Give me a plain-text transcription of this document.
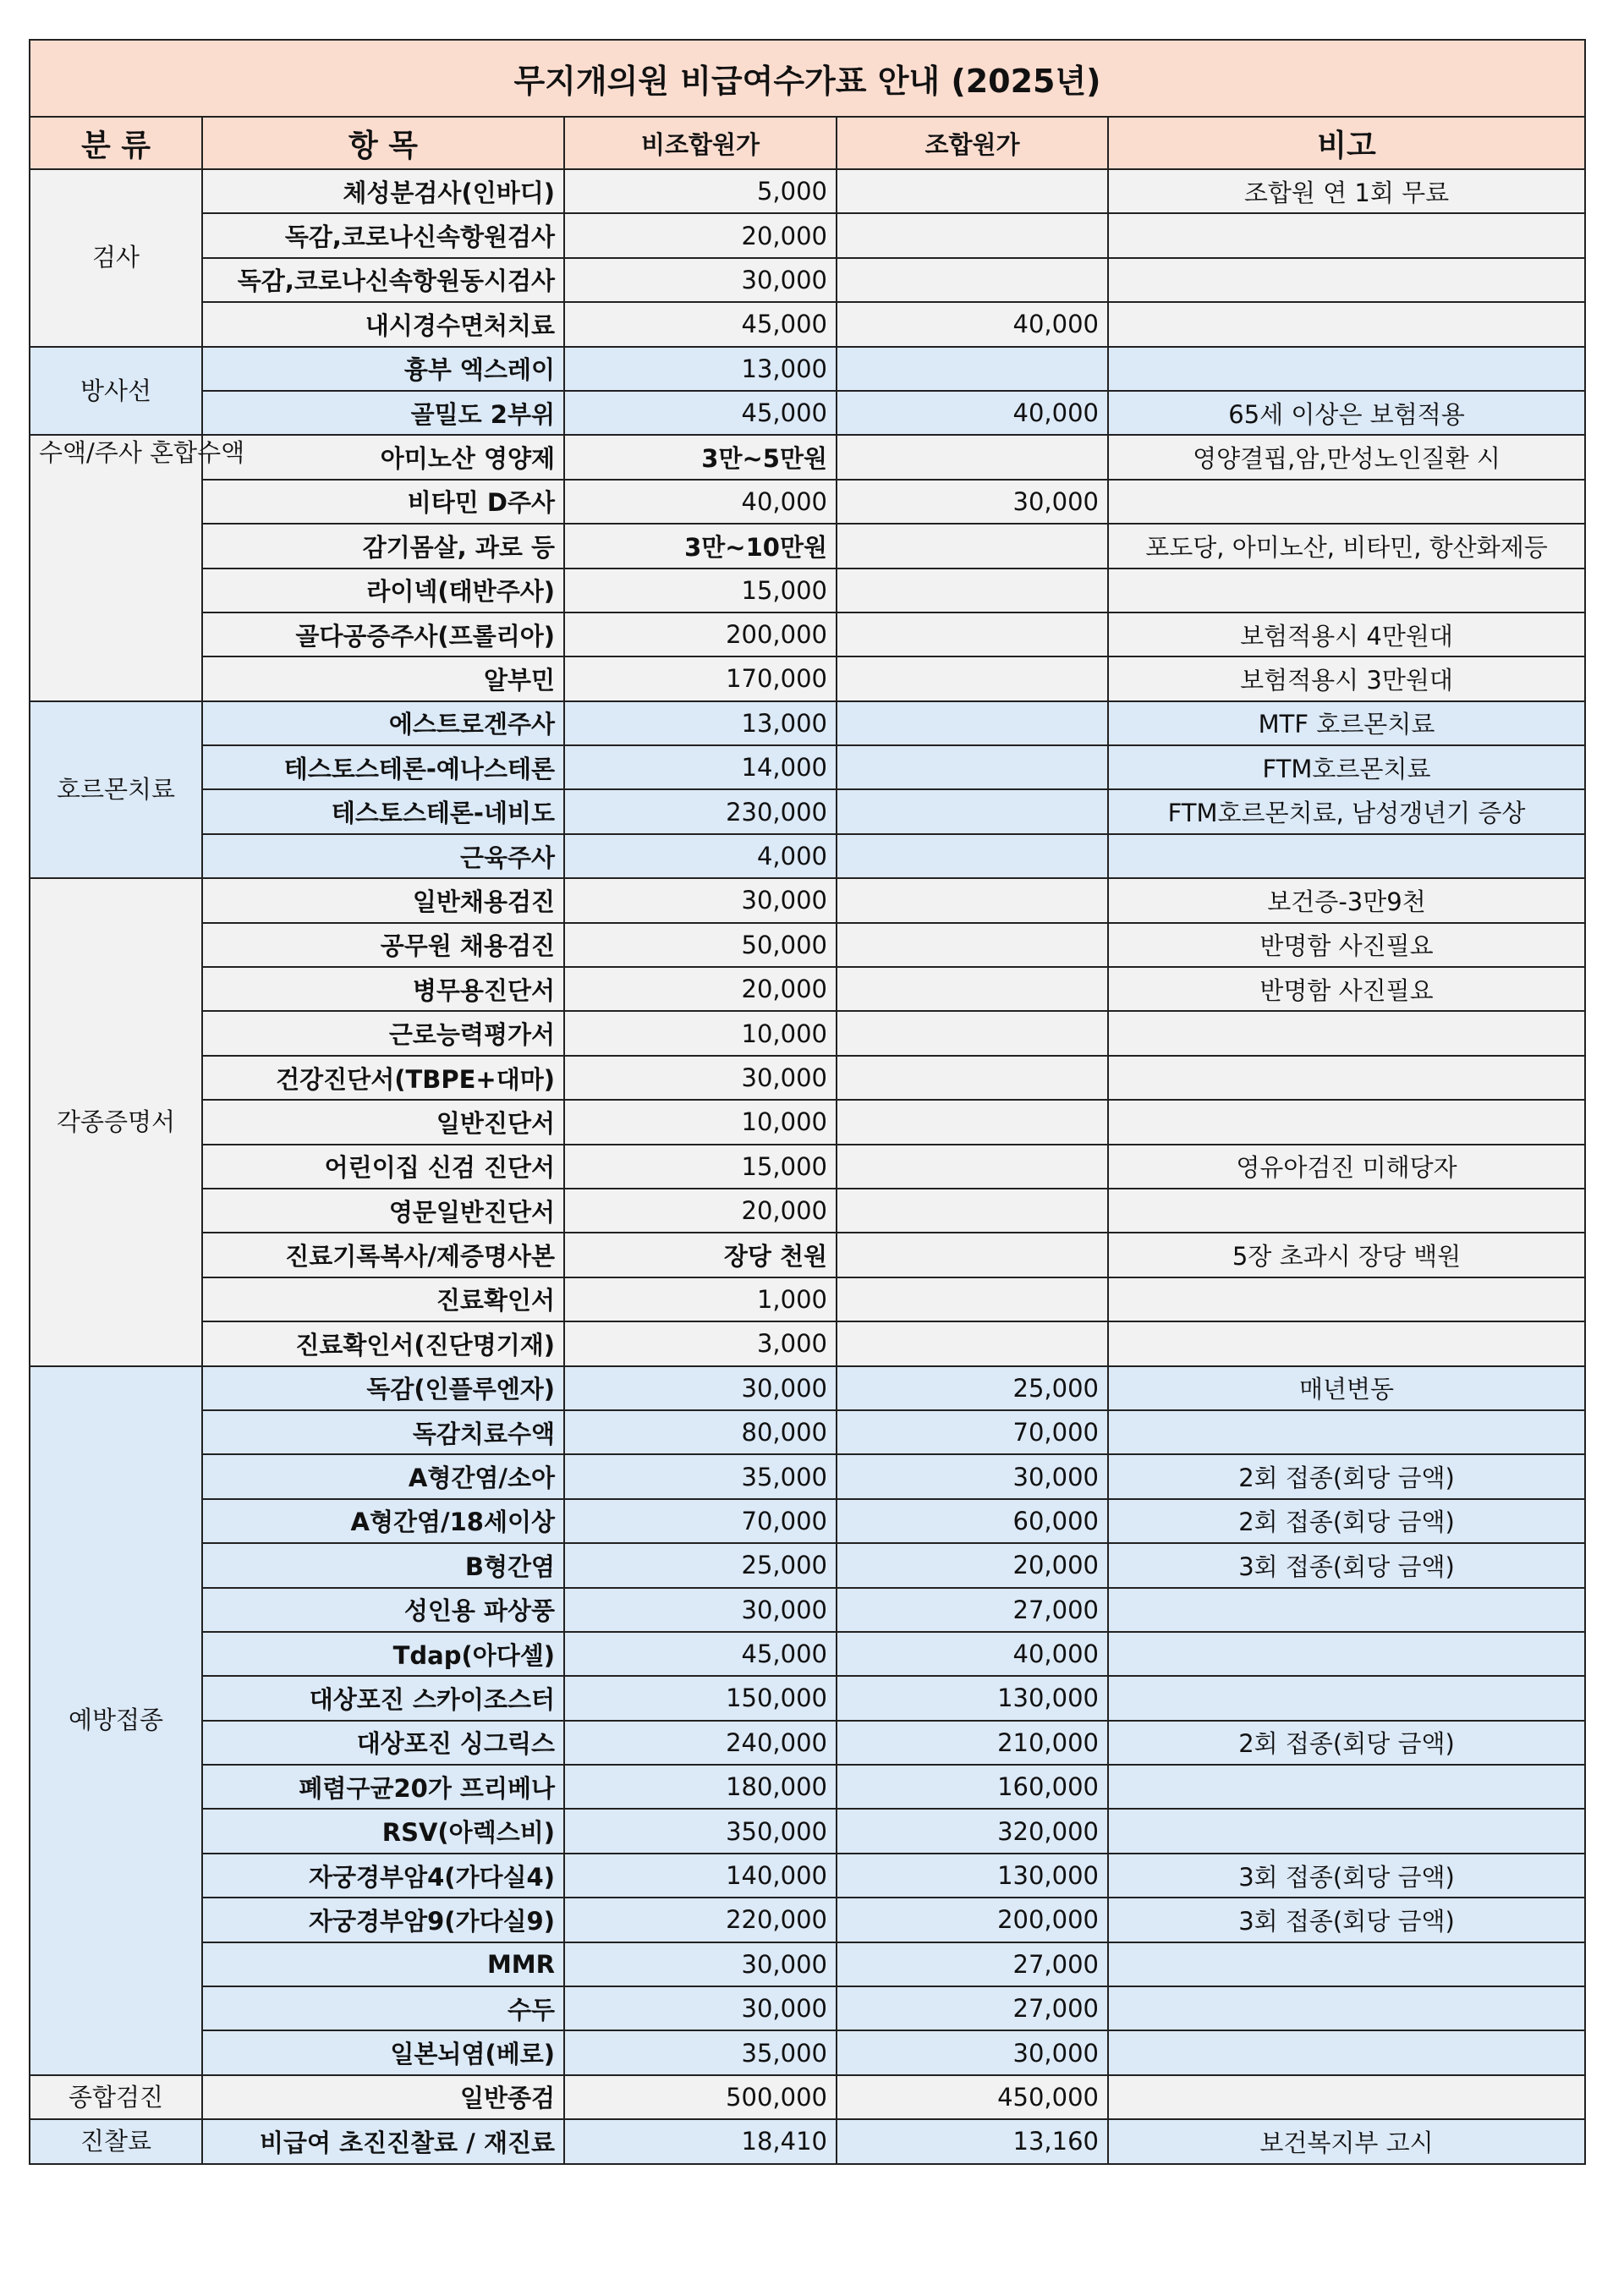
무지개의원 비급여수가표 안내 (2025년)				
분 류	항 목	비조합원가	조합원가	비고
검사	체성분검사(인바디)	5,000		조합원 연 1회 무료
	독감,코로나신속항원검사	20,000		
	독감,코로나신속항원동시검사	30,000		
	내시경수면처치료	45,000	40,000	
방사선	흉부 엑스레이	13,000		
	골밀도 2부위	45,000	40,000	65세 이상은 보험적용
수액/주사 혼합수액	아미노산 영양제	3만~5만원		영양결핍,암,만성노인질환 시
	비타민 D주사	40,000	30,000	
	감기몸살, 과로 등	3만~10만원		포도당, 아미노산, 비타민, 항산화제등
	라이넥(태반주사)	15,000		
	골다공증주사(프롤리아)	200,000		보험적용시 4만원대
	알부민	170,000		보험적용시 3만원대
호르몬치료	에스트로겐주사	13,000		MTF 호르몬치료
	테스토스테론-예나스테론	14,000		FTM호르몬치료
	테스토스테론-네비도	230,000		FTM호르몬치료, 남성갱년기 증상
	근육주사	4,000		
각종증명서	일반채용검진	30,000		보건증-3만9천
	공무원 채용검진	50,000		반명함 사진필요
	병무용진단서	20,000		반명함 사진필요
	근로능력평가서	10,000		
	건강진단서(TBPE+대마)	30,000		
	일반진단서	10,000		
	어린이집 신검 진단서	15,000		영유아검진 미해당자
	영문일반진단서	20,000		
	진료기록복사/제증명사본	장당 천원		5장 초과시 장당 백원
	진료확인서	1,000		
	진료확인서(진단명기재)	3,000		
예방접종	독감(인플루엔자)	30,000	25,000	매년변동
	독감치료수액	80,000	70,000	
	A형간염/소아	35,000	30,000	2회 접종(회당 금액)
	A형간염/18세이상	70,000	60,000	2회 접종(회당 금액)
	B형간염	25,000	20,000	3회 접종(회당 금액)
	성인용 파상풍	30,000	27,000	
	Tdap(아다셀)	45,000	40,000	
	대상포진 스카이조스터	150,000	130,000	
	대상포진 싱그릭스	240,000	210,000	2회 접종(회당 금액)
	폐렴구균20가 프리베나	180,000	160,000	
	RSV(아렉스비)	350,000	320,000	
	자궁경부암4(가다실4)	140,000	130,000	3회 접종(회당 금액)
	자궁경부암9(가다실9)	220,000	200,000	3회 접종(회당 금액)
	MMR	30,000	27,000	
	수두	30,000	27,000	
	일본뇌염(베로)	35,000	30,000	
종합검진	일반종검	500,000	450,000	
진찰료	비급여 초진진찰료 / 재진료	18,410	13,160	보건복지부 고시
